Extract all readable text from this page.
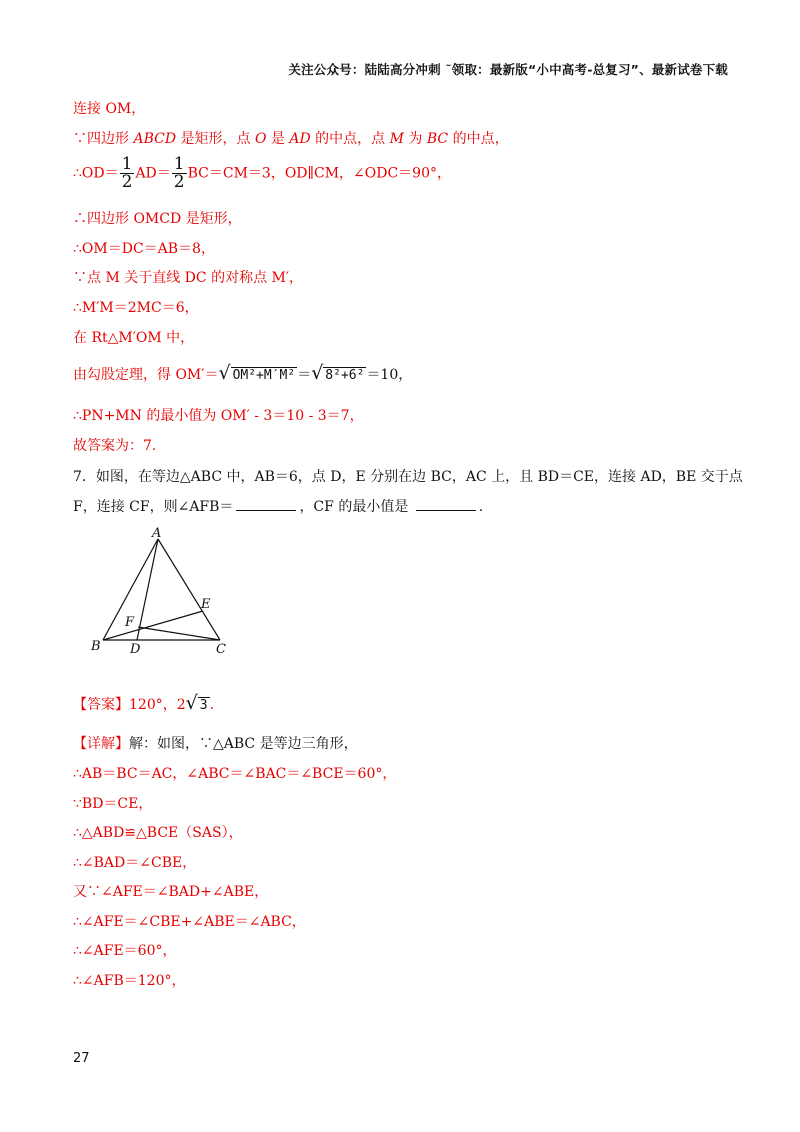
关注公众号：陆陆高分冲刺 ˜领取：最新版“小中高考-总复习”、最新试卷下载
连接 OM，
∵四边形 ABCD 是矩形，点 O 是 AD 的中点，点 M 为 BC 的中点，
∴OD＝ $\frac{1}{2} AD= \frac{1}{2} BC=CM=3$，OD∥CM，∠ODC＝90°，
∴四边形 OMCD 是矩形，
∴OM＝DC＝AB＝8，
∵点 M 关于直线 DC 的对称点 M′，
∴M′M＝2MC＝6，
在 Rt△M′OM 中，
由勾股定理，得 OM′＝√ OM²+M′M² ＝√ 8²+6² ＝10，
∴PN+MN 的最小值为 OM′ - 3＝10 - 3＝7，
故答案为：7.
7．如图，在等边△ABC 中，AB＝6，点 D，E 分别在边 BC，AC 上，且 BD＝CE，连接 AD，BE 交于点
F，连接 CF，则∠AFB＝	，CF 的最小值是	.
A
B	C
D
E
F
【答案】120°，2√ 3 .
【详解】解：如图，∵△ABC 是等边三角形，
∴AB＝BC＝AC，∠ABC＝∠BAC＝∠BCE＝60°，
∵BD＝CE，
∴△ABD≌△BCE（SAS），
∴∠BAD＝∠CBE，
又∵∠AFE＝∠BAD+∠ABE，
∴∠AFE＝∠CBE+∠ABE＝∠ABC，
∴∠AFE＝60°，
∴∠AFB＝120°，
27
